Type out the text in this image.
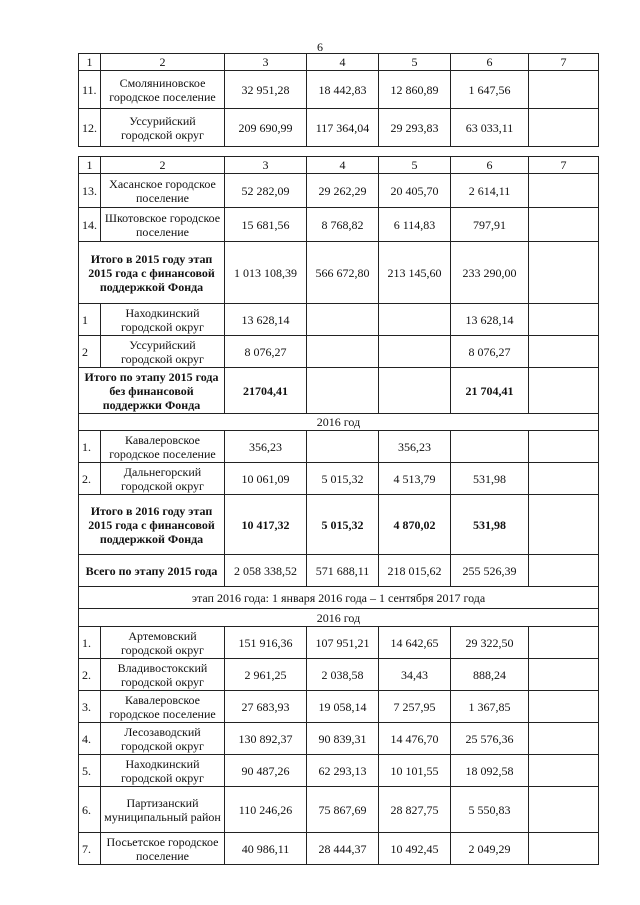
6
1	2	3	4	5	6	7
11.	Смоляниновское городское поселение	32 951,28	18 442,83	12 860,89	1 647,56	
12.	Уссурийский городской округ	209 690,99	117 364,04	29 293,83	63 033,11	
1	2	3	4	5	6	7
13.	Хасанское городское поселение	52 282,09	29 262,29	20 405,70	2 614,11	
14.	Шкотовское городское поселение	15 681,56	8 768,82	6 114,83	797,91	
Итого в 2015 году этап 2015 года с финансовой поддержкой Фонда		1 013 108,39	566 672,80	213 145,60	233 290,00	
1	Находкинский городской округ	13 628,14			13 628,14	
2	Уссурийский городской округ	8 076,27			8 076,27	
Итого по этапу 2015 года без финансовой поддержки Фонда		21704,41			21 704,41	
2016 год						
1.	Кавалеровское городское поселение	356,23		356,23		
2.	Дальнегорский городской округ	10 061,09	5 015,32	4 513,79	531,98	
Итого в 2016 году этап 2015 года с финансовой поддержкой Фонда		10 417,32	5 015,32	4 870,02	531,98	
Всего по этапу 2015 года		2 058 338,52	571 688,11	218 015,62	255 526,39	
этап 2016 года: 1 января 2016 года – 1 сентября 2017 года						
2016 год						
1.	Артемовский городской округ	151 916,36	107 951,21	14 642,65	29 322,50	
2.	Владивостокский городской округ	2 961,25	2 038,58	34,43	888,24	
3.	Кавалеровское городское поселение	27 683,93	19 058,14	7 257,95	1 367,85	
4.	Лесозаводский городской округ	130 892,37	90 839,31	14 476,70	25 576,36	
5.	Находкинский городской округ	90 487,26	62 293,13	10 101,55	18 092,58	
6.	Партизанский муниципальный район	110 246,26	75 867,69	28 827,75	5 550,83	
7.	Посьетское городское поселение	40 986,11	28 444,37	10 492,45	2 049,29	
